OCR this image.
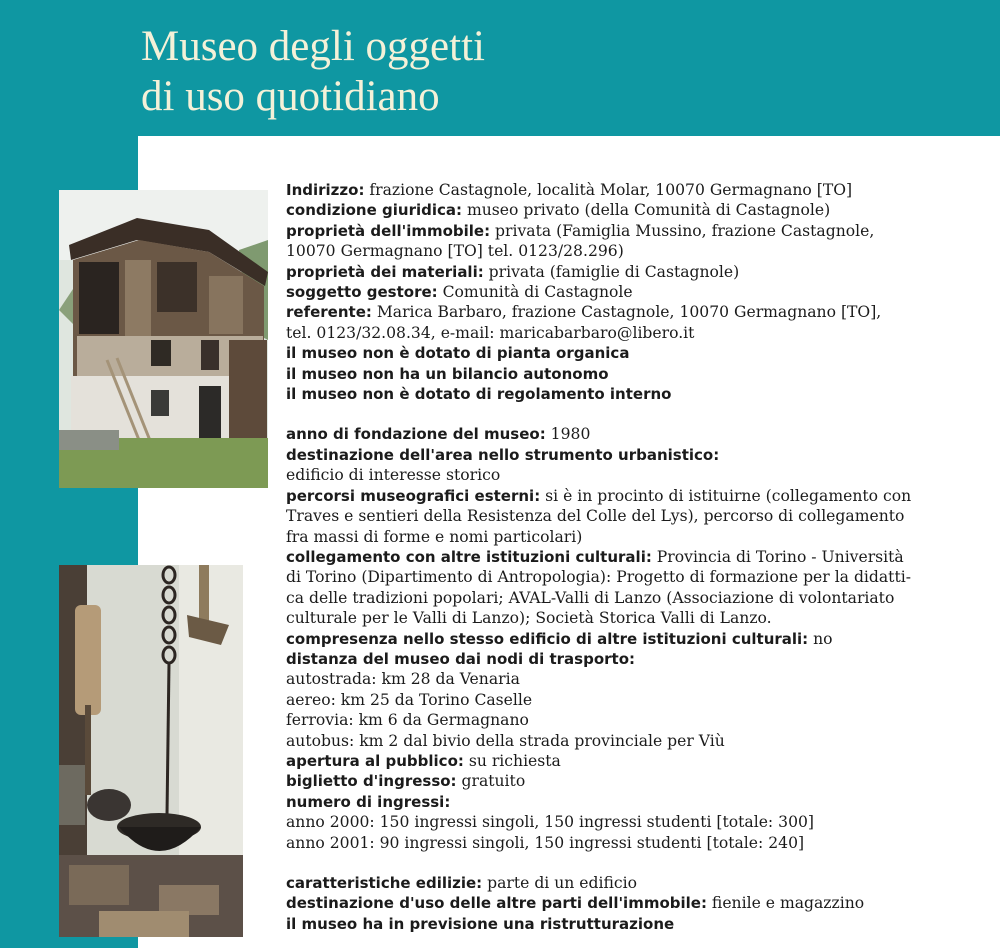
Museo degli oggetti
di uso quotidiano
Indirizzo: frazione Castagnole, località Molar, 10070 Germagnano [TO]
condizione giuridica: museo privato (della Comunità di Castagnole)
proprietà dell'immobile: privata (Famiglia Mussino, frazione Castagnole,
10070 Germagnano [TO] tel. 0123/28.296)
proprietà dei materiali: privata (famiglie di Castagnole)
soggetto gestore: Comunità di Castagnole
referente: Marica Barbaro, frazione Castagnole, 10070 Germagnano [TO],
tel. 0123/32.08.34, e-mail: maricabarbaro@libero.it
il museo non è dotato di pianta organica
il museo non ha un bilancio autonomo
il museo non è dotato di regolamento interno
anno di fondazione del museo: 1980
destinazione dell'area nello strumento urbanistico:
edificio di interesse storico
percorsi museografici esterni: si è in procinto di istituirne (collegamento con
Traves e sentieri della Resistenza del Colle del Lys), percorso di collegamento
fra massi di forme e nomi particolari)
collegamento con altre istituzioni culturali: Provincia di Torino - Università
di Torino (Dipartimento di Antropologia): Progetto di formazione per la didatti-
ca delle tradizioni popolari; AVAL-Valli di Lanzo (Associazione di volontariato
culturale per le Valli di Lanzo); Società Storica Valli di Lanzo.
compresenza nello stesso edificio di altre istituzioni culturali: no
distanza del museo dai nodi di trasporto:
autostrada: km 28 da Venaria
aereo: km 25 da Torino Caselle
ferrovia: km 6 da Germagnano
autobus: km 2 dal bivio della strada provinciale per Viù
apertura al pubblico: su richiesta
biglietto d'ingresso: gratuito
numero di ingressi:
anno 2000: 150 ingressi singoli, 150 ingressi studenti [totale: 300]
anno 2001: 90 ingressi singoli, 150 ingressi studenti [totale: 240]
caratteristiche edilizie: parte di un edificio
destinazione d'uso delle altre parti dell'immobile: fienile e magazzino
il museo ha in previsione una ristrutturazione
